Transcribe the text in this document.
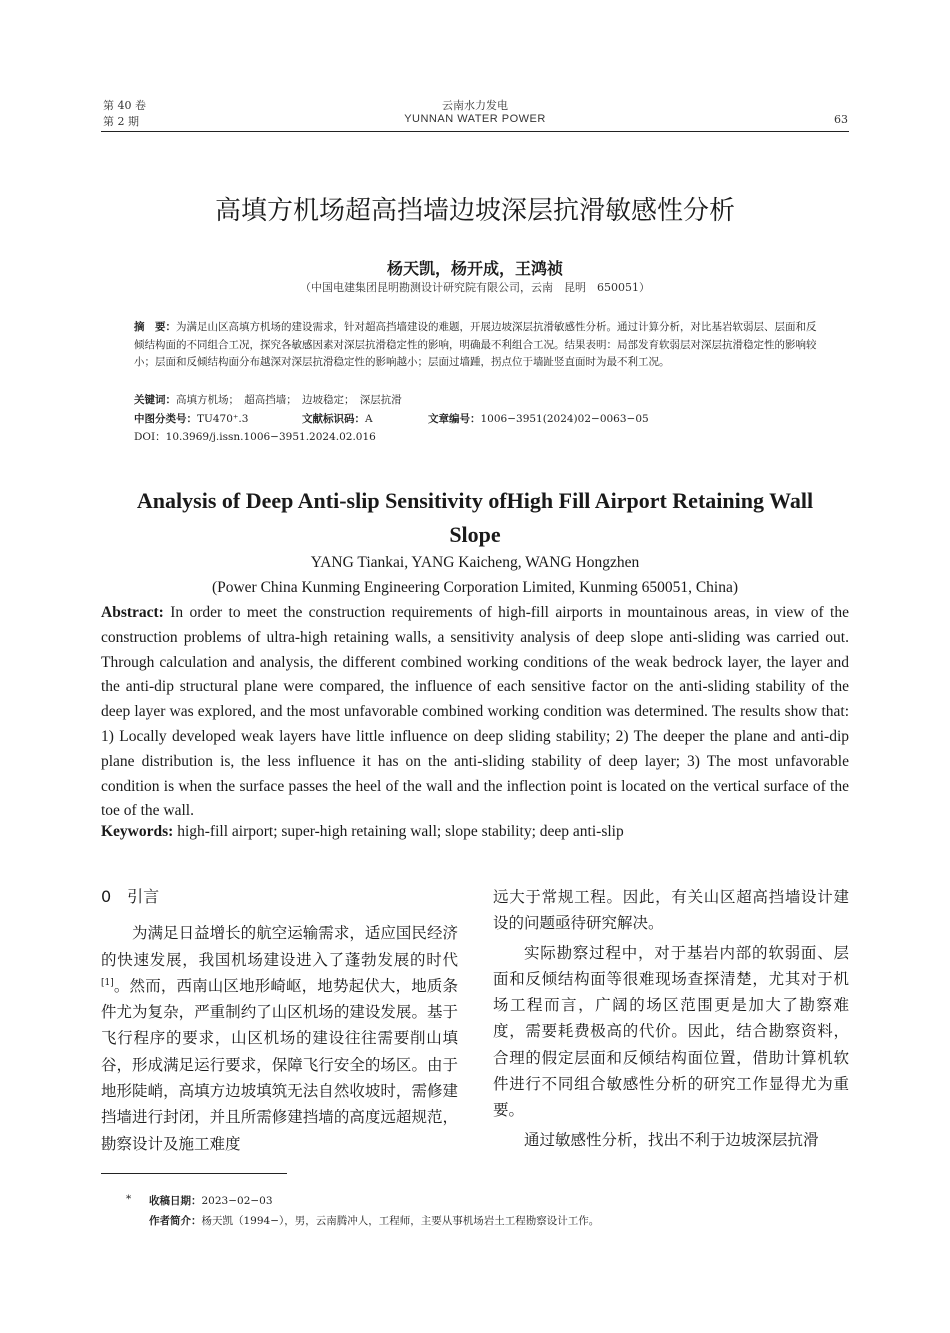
第 40 卷
第 2 期
云南水力发电
YUNNAN WATER POWER	63
高填方机场超高挡墙边坡深层抗滑敏感性分析
杨天凯，杨开成，王鸿祯
（中国电建集团昆明勘测设计研究院有限公司，云南　昆明　650051）
摘　要：为满足山区高填方机场的建设需求，针对超高挡墙建设的难题，开展边坡深层抗滑敏感性分析。通过计算分析，对比基岩软弱层、层面和反倾结构面的不同组合工况，探究各敏感因素对深层抗滑稳定性的影响，明确最不利组合工况。结果表明：局部发育软弱层对深层抗滑稳定性的影响较小；层面和反倾结构面分布越深对深层抗滑稳定性的影响越小；层面过墙踵，拐点位于墙趾竖直面时为最不利工况。
关键词：高填方机场；　超高挡墙；　边坡稳定；　深层抗滑
中图分类号：TU470⁺.3	文献标识码：A	文章编号：1006−3951(2024)02−0063−05
DOI：10.3969/j.issn.1006−3951.2024.02.016
Analysis of Deep Anti-slip Sensitivity ofHigh Fill Airport Retaining Wall
Slope
YANG Tiankai, YANG Kaicheng, WANG Hongzhen
(Power China Kunming Engineering Corporation Limited, Kunming 650051, China)
Abstract: In order to meet the construction requirements of high-fill airports in mountainous areas, in view of the construction problems of ultra-high retaining walls, a sensitivity analysis of deep slope anti-sliding was carried out. Through calculation and analysis, the different combined working conditions of the weak bedrock layer, the layer and the anti-dip structural plane were compared, the influence of each sensitive factor on the anti-sliding stability of the deep layer was explored, and the most unfavorable combined working condition was determined. The results show that: 1) Locally developed weak layers have little influence on deep sliding stability; 2) The deeper the plane and anti-dip plane distribution is, the less influence it has on the anti-sliding stability of deep layer; 3) The most unfavorable condition is when the surface passes the heel of the wall and the inflection point is located on the vertical surface of the toe of the wall.
Keywords: high-fill airport; super-high retaining wall; slope stability; deep anti-slip
0　引言

为满足日益增长的航空运输需求，适应国民经济的快速发展，我国机场建设进入了蓬勃发展的时代[1]。然而，西南山区地形崎岖，地势起伏大，地质条件尤为复杂，严重制约了山区机场的建设发展。基于飞行程序的要求，山区机场的建设往往需要削山填谷，形成满足运行要求，保障飞行安全的场区。由于地形陡峭，高填方边坡填筑无法自然收坡时，需修建挡墙进行封闭，并且所需修建挡墙的高度远超规范，勘察设计及施工难度

远大于常规工程。因此，有关山区超高挡墙设计建设的问题亟待研究解决。

实际勘察过程中，对于基岩内部的软弱面、层面和反倾结构面等很难现场查探清楚，尤其对于机场工程而言，广阔的场区范围更是加大了勘察难度，需要耗费极高的代价。因此，结合勘察资料，合理的假定层面和反倾结构面位置，借助计算机软件进行不同组合敏感性分析的研究工作显得尤为重要。

通过敏感性分析，找出不利于边坡深层抗滑

* 收稿日期：2023−02−03
作者简介：杨天凯（1994−），男，云南腾冲人，工程师，主要从事机场岩土工程勘察设计工作。
